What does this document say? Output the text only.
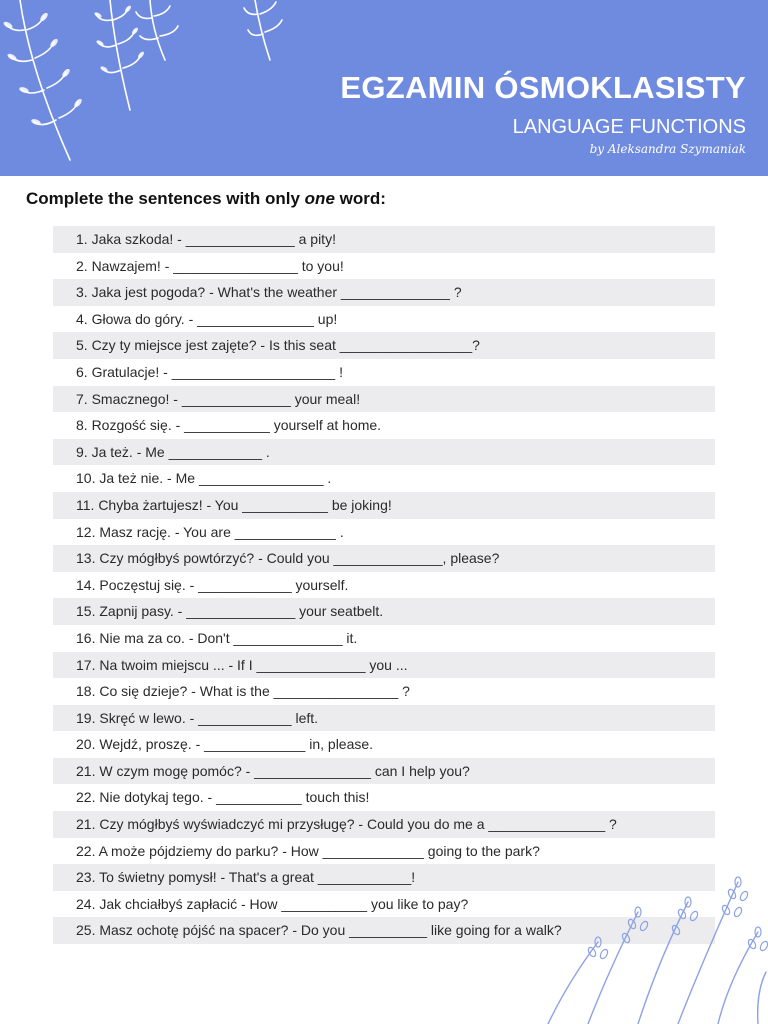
EGZAMIN ÓSMOKLASISTY
LANGUAGE FUNCTIONS
by Aleksandra Szymaniak
Complete the sentences with only one word:
1. Jaka szkoda! - ______________ a pity!
2. Nawzajem! - ________________ to you!
3. Jaka jest pogoda? - What's the weather ______________ ?
4. Głowa do góry. - _______________ up!
5. Czy ty miejsce jest zajęte? - Is this seat _________________?
6. Gratulacje! - _____________________ !
7. Smacznego! - ______________ your meal!
8. Rozgość się. - ___________ yourself at home.
9. Ja też. - Me ____________ .
10. Ja też nie. - Me ________________ .
11. Chyba żartujesz! - You ___________ be joking!
12. Masz rację. - You are _____________ .
13. Czy mógłbyś powtórzyć? - Could you ______________, please?
14. Poczęstuj się. - ____________ yourself.
15. Zapnij pasy. - ______________ your seatbelt.
16. Nie ma za co. - Don't ______________ it.
17. Na twoim miejscu ... - If I ______________ you ...
18. Co się dzieje? - What is the ________________ ?
19. Skręć w lewo. - ____________ left.
20. Wejdź, proszę. - _____________ in, please.
21. W czym mogę pomóc? - _______________ can I help you?
22. Nie dotykaj tego. - ___________ touch this!
21. Czy mógłbyś wyświadczyć mi przysługę? - Could you do me a _______________ ?
22. A może pójdziemy do parku? - How _____________ going to the park?
23. To świetny pomysł! - That's a great ____________!
24. Jak chciałbyś zapłacić - How ___________ you like to pay?
25. Masz ochotę pójść na spacer? - Do you __________ like going for a walk?
